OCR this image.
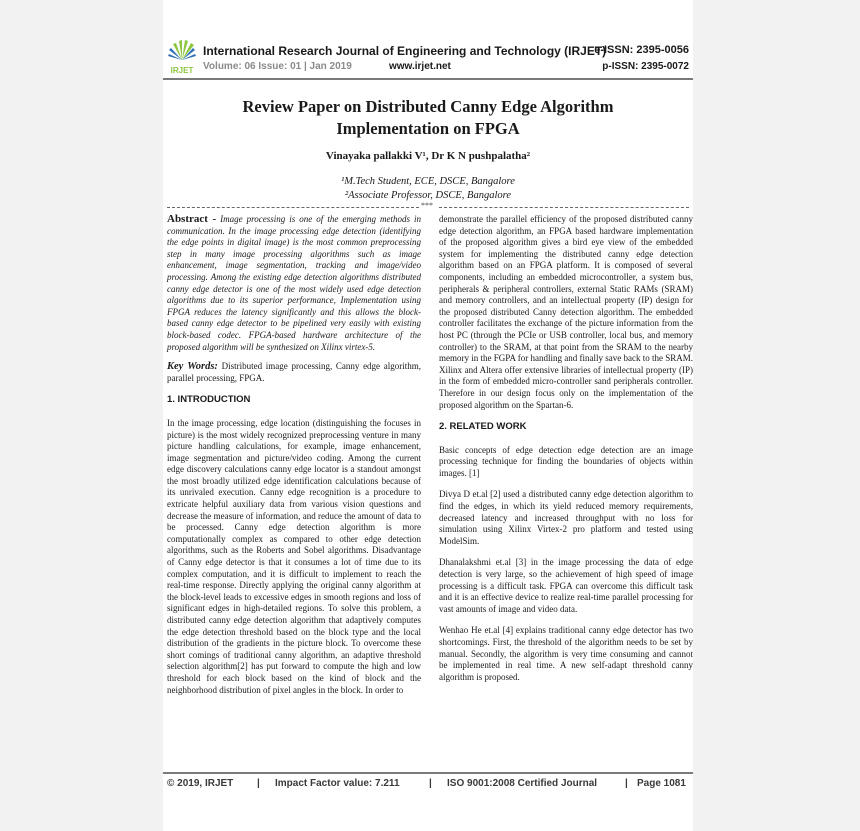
IRJET
International Research Journal of Engineering and Technology (IRJET)
e-ISSN: 2395-0056
Volume: 06 Issue: 01 | Jan 2019	www.irjet.net	p-ISSN: 2395-0072
Review Paper on Distributed Canny Edge Algorithm
Implementation on FPGA
Vinayaka pallakki V¹, Dr K N pushpalatha²
¹M.Tech Student, ECE, DSCE, Bangalore
²Associate Professor, DSCE, Bangalore
***

Abstract - Image processing is one of the emerging methods in communication. In the image processing edge detection (identifying the edge points in digital image) is the most common preprocessing step in many image processing algorithms such as image enhancement, image segmentation, tracking and image/video processing. Among the existing edge detection algorithms distributed canny edge detector is one of the most widely used edge detection algorithms due to its superior performance, Implementation using FPGA reduces the latency significantly and this allows the block-based canny edge detector to be pipelined very easily with existing block-based codec. FPGA-based hardware architecture of the proposed algorithm will be synthesized on Xilinx virtex-5.

Key Words: Distributed image processing, Canny edge algorithm, parallel processing, FPGA.

1. INTRODUCTION

In the image processing, edge location (distinguishing the focuses in picture) is the most widely recognized preprocessing venture in many picture handling calculations, for example, image enhancement, image segmentation and picture/video coding. Among the current edge discovery calculations canny edge locator is a standout amongst the most broadly utilized edge identification calculations because of its unrivaled execution. Canny edge recognition is a procedure to extricate helpful auxiliary data from various vision questions and decrease the measure of information, and reduce the amount of data to be processed. Canny edge detection algorithm is more computationally complex as compared to other edge detection algorithms, such as the Roberts and Sobel algorithms. Disadvantage of Canny edge detector is that it consumes a lot of time due to its complex computation, and it is difficult to implement to reach the real-time response. Directly applying the original canny algorithm at the block-level leads to excessive edges in smooth regions and loss of significant edges in high-detailed regions. To solve this problem, a distributed canny edge detection algorithm that adaptively computes the edge detection threshold based on the block type and the local distribution of the gradients in the picture block. To overcome these short comings of traditional canny algorithm, an adaptive threshold selection algorithm[2] has put forward to compute the high and low threshold for each block based on the kind of block and the neighborhood distribution of pixel angles in the block. In order to

demonstrate the parallel efficiency of the proposed distributed canny edge detection algorithm, an FPGA based hardware implementation of the proposed algorithm gives a bird eye view of the embedded system for implementing the distributed canny edge detection algorithm based on an FPGA platform. It is composed of several components, including an embedded microcontroller, a system bus, peripherals & peripheral controllers, external Static RAMs (SRAM) and memory controllers, and an intellectual property (IP) design for the proposed distributed Canny detection algorithm. The embedded controller facilitates the exchange of the picture information from the host PC (through the PCIe or USB controller, local bus, and memory controller) to the SRAM, at that point from the SRAM to the nearby memory in the FGPA for handling and finally save back to the SRAM. Xilinx and Altera offer extensive libraries of intellectual property (IP) in the form of embedded micro-controller sand peripherals controller. Therefore in our design focus only on the implementation of the proposed algorithm on the Spartan-6.

2. RELATED WORK

Basic concepts of edge detection edge detection are an image processing technique for finding the boundaries of objects within images. [1]

Divya D et.al [2] used a distributed canny edge detection algorithm to find the edges, in which its yield reduced memory requirements, decreased latency and increased throughput with no loss for simulation using Xilinx Virtex-2 pro platform and tested using ModelSim.

Dhanalakshmi et.al [3] in the image processing the data of edge detection is very large, so the achievement of high speed of image processing is a difficult task. FPGA can overcome this difficult task and it is an effective device to realize real-time parallel processing for vast amounts of image and video data.

Wenhao He et.al [4] explains traditional canny edge detector has two shortcomings. First, the threshold of the algorithm needs to be set by manual. Secondly, the algorithm is very time consuming and cannot be implemented in real time. A new self-adapt threshold canny algorithm is proposed.

© 2019, IRJET | Impact Factor value: 7.211	| ISO 9001:2008 Certified Journal	| Page 1081
